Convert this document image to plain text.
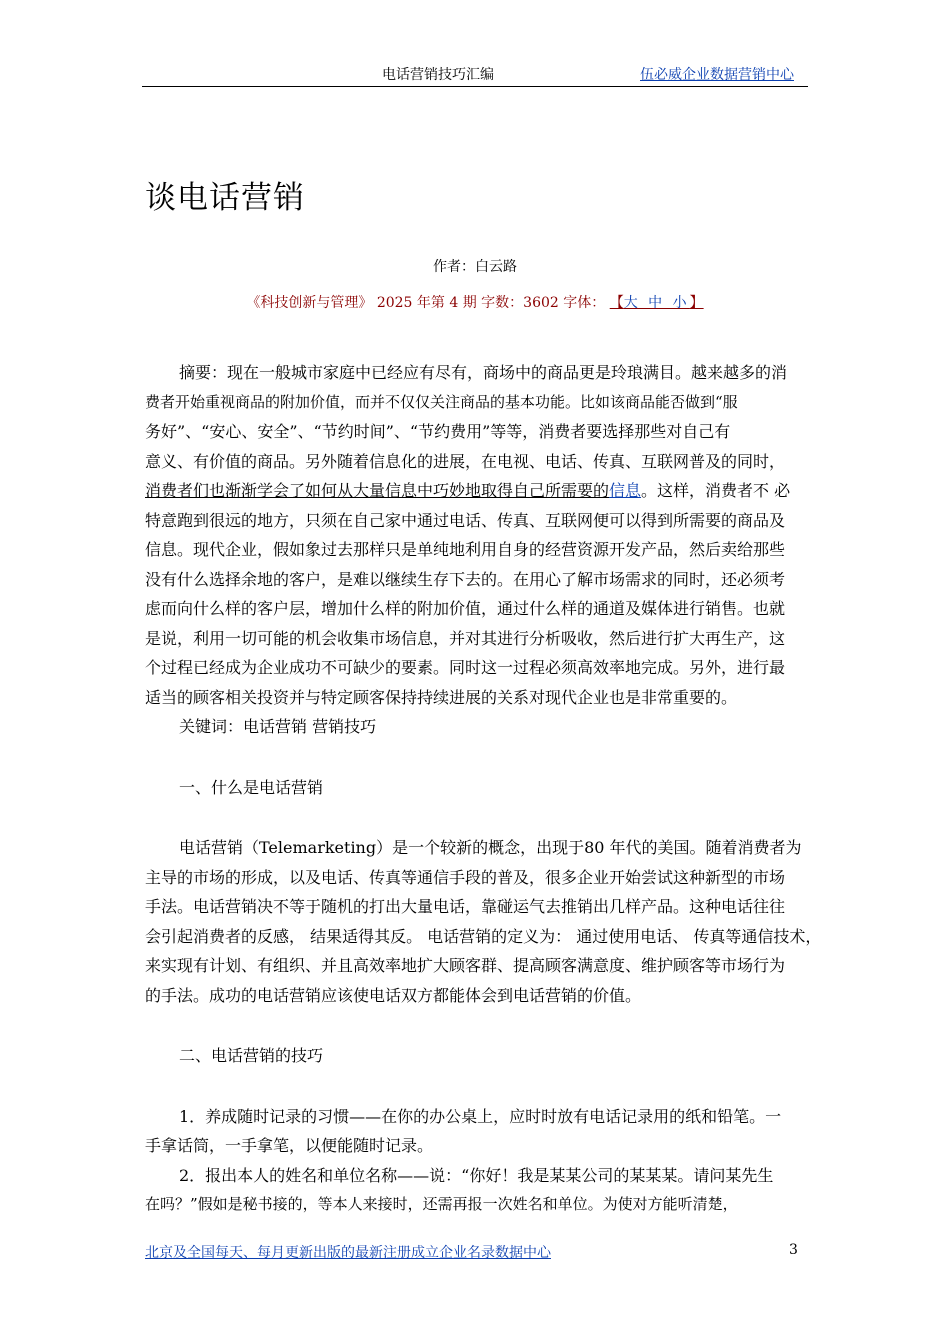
电话营销技巧汇编	伍必威企业数据营销中心
谈电话营销
作者：白云路
《科技创新与管理》 2025 年第 4 期 字数：3602 字体： 【大 中 小】
摘要：现在一般城市家庭中已经应有尽有，商场中的商品更是玲琅满目。越来越多的消
费者开始重视商品的附加价值，而并不仅仅关注商品的基本功能。比如该商品能否做到“服
务好”、“安心、安全”、“节约时间”、“节约费用”等等，消费者要选择那些对自己有
意义、有价值的商品。另外随着信息化的进展，在电视、电话、传真、互联网普及的同时，
消费者们也渐渐学会了如何从大量信息中巧妙地取得自己所需要的信息。这样，消费者不 必
特意跑到很远的地方，只须在自己家中通过电话、传真、互联网便可以得到所需要的商品及
信息。现代企业，假如象过去那样只是单纯地利用自身的经营资源开发产品，然后卖给那些
没有什么选择余地的客户，是难以继续生存下去的。在用心了解市场需求的同时，还必须考
虑而向什么样的客户层，增加什么样的附加价值，通过什么样的通道及媒体进行销售。也就
是说，利用一切可能的机会收集市场信息，并对其进行分析吸收，然后进行扩大再生产，这
个过程已经成为企业成功不可缺少的要素。同时这一过程必须高效率地完成。另外，进行最
适当的顾客相关投资并与特定顾客保持持续进展的关系对现代企业也是非常重要的。
关键词：电话营销 营销技巧
一、什么是电话营销
电话营销（Telemarketing）是一个较新的概念，出现于80 年代的美国。随着消费者为
主导的市场的形成，以及电话、传真等通信手段的普及，很多企业开始尝试这种新型的市场
手法。电话营销决不等于随机的打出大量电话，靠碰运气去推销出几样产品。这种电话往往
会引起消费者的反感， 结果适得其反。 电话营销的定义为： 通过使用电话、 传真等通信技术，
来实现有计划、有组织、并且高效率地扩大顾客群、提高顾客满意度、维护顾客等市场行为
的手法。成功的电话营销应该使电话双方都能体会到电话营销的价值。
二、电话营销的技巧
1．养成随时记录的习惯——在你的办公桌上，应时时放有电话记录用的纸和铅笔。一
手拿话筒，一手拿笔，以便能随时记录。
2．报出本人的姓名和单位名称——说：“你好！我是某某公司的某某某。请问某先生
在吗？”假如是秘书接的，等本人来接时，还需再报一次姓名和单位。为使对方能听清楚，
北京及全国每天、每月更新出版的最新注册成立企业名录数据中心	3
